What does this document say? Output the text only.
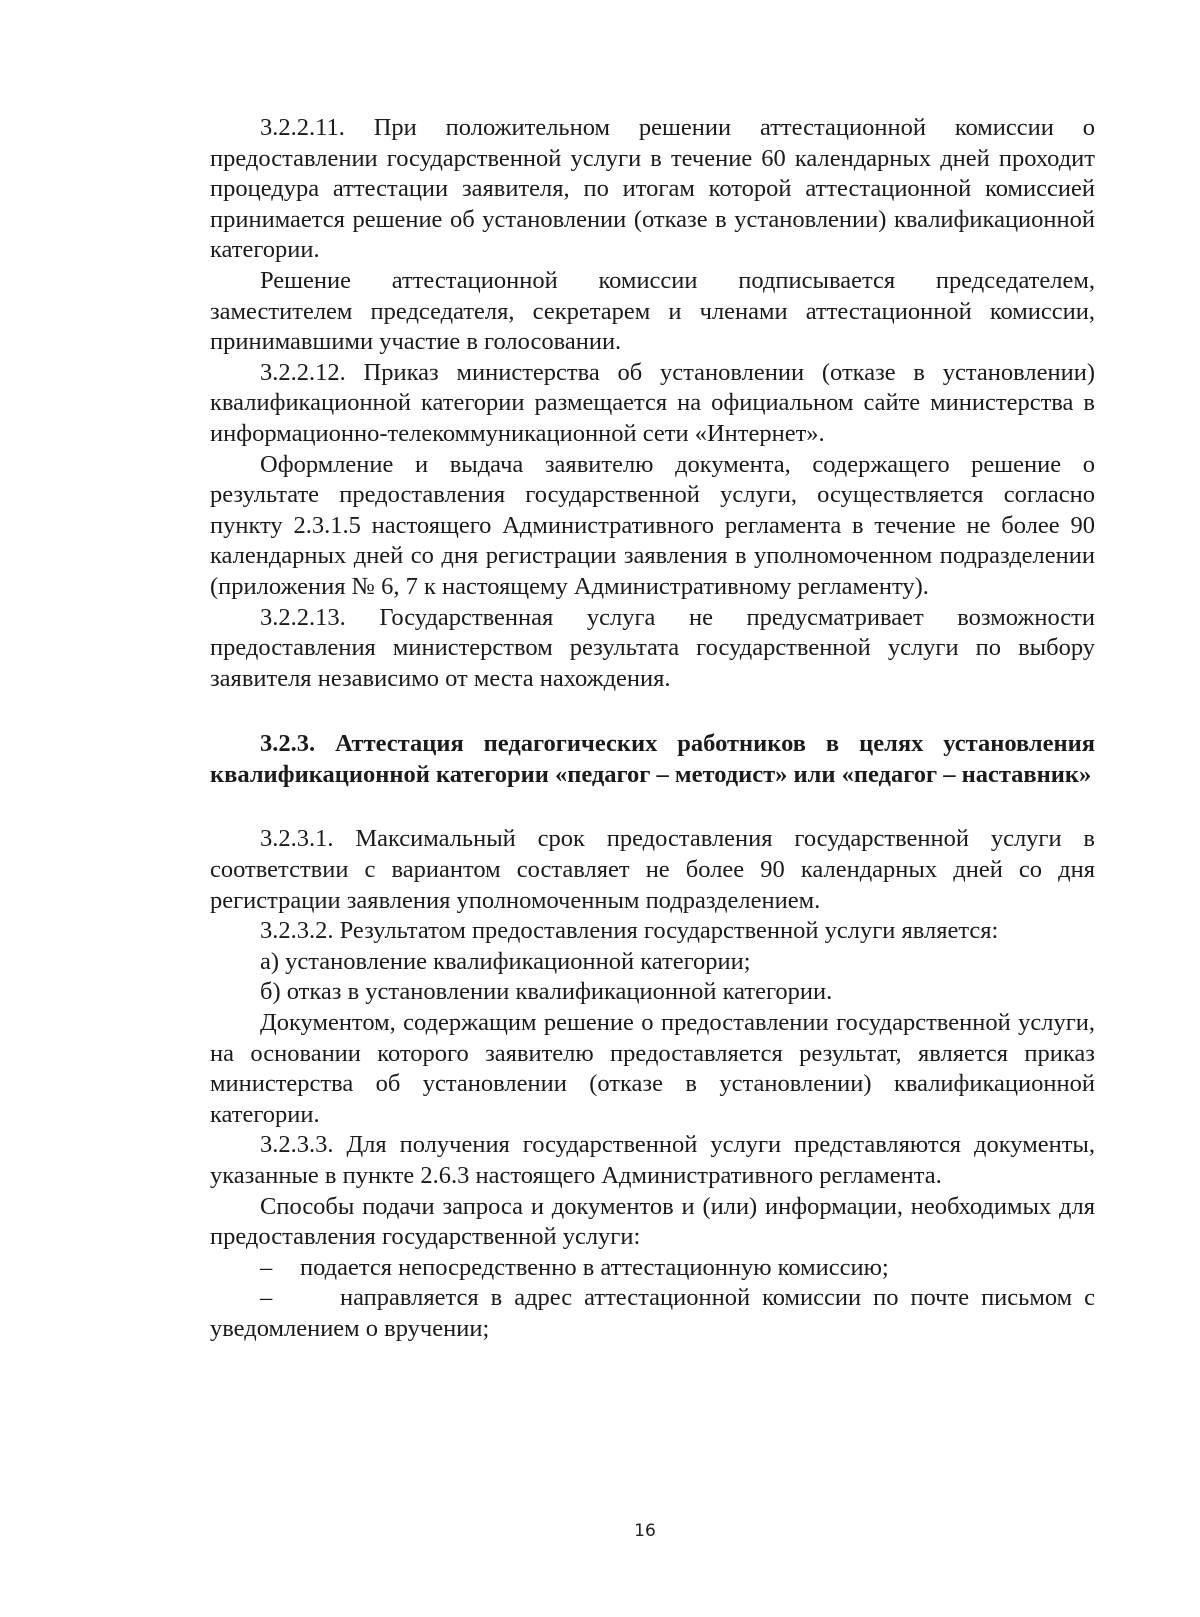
3.2.2.11. При положительном решении аттестационной комиссии о предоставлении государственной услуги в течение 60 календарных дней проходит процедура аттестации заявителя, по итогам которой аттестационной комиссией принимается решение об установлении (отказе в установлении) квалификационной категории.

Решение аттестационной комиссии подписывается председателем, заместителем председателя, секретарем и членами аттестационной комиссии, принимавшими участие в голосовании.

3.2.2.12. Приказ министерства об установлении (отказе в установлении) квалификационной категории размещается на официальном сайте министерства в информационно-телекоммуникационной сети «Интернет».

Оформление и выдача заявителю документа, содержащего решение о результате предоставления государственной услуги, осуществляется согласно пункту 2.3.1.5 настоящего Административного регламента в течение не более 90 календарных дней со дня регистрации заявления в уполномоченном подразделении (приложения № 6, 7 к настоящему Административному регламенту).

3.2.2.13. Государственная услуга не предусматривает возможности предоставления министерством результата государственной услуги по выбору заявителя независимо от места нахождения.

3.2.3. Аттестация педагогических работников в целях установления квалификационной категории «педагог – методист» или «педагог – наставник»

3.2.3.1. Максимальный срок предоставления государственной услуги в соответствии с вариантом составляет не более 90 календарных дней со дня регистрации заявления уполномоченным подразделением.

3.2.3.2. Результатом предоставления государственной услуги является:

а) установление квалификационной категории;

б) отказ в установлении квалификационной категории.

Документом, содержащим решение о предоставлении государственной услуги, на основании которого заявителю предоставляется результат, является приказ министерства об установлении (отказе в установлении) квалификационной категории.

3.2.3.3. Для получения государственной услуги представляются документы, указанные в пункте 2.6.3 настоящего Административного регламента.

Способы подачи запроса и документов и (или) информации, необходимых для предоставления государственной услуги:

– подается непосредственно в аттестационную комиссию;

–	направляется в адрес аттестационной комиссии по почте письмом с уведомлением о вручении;

16
